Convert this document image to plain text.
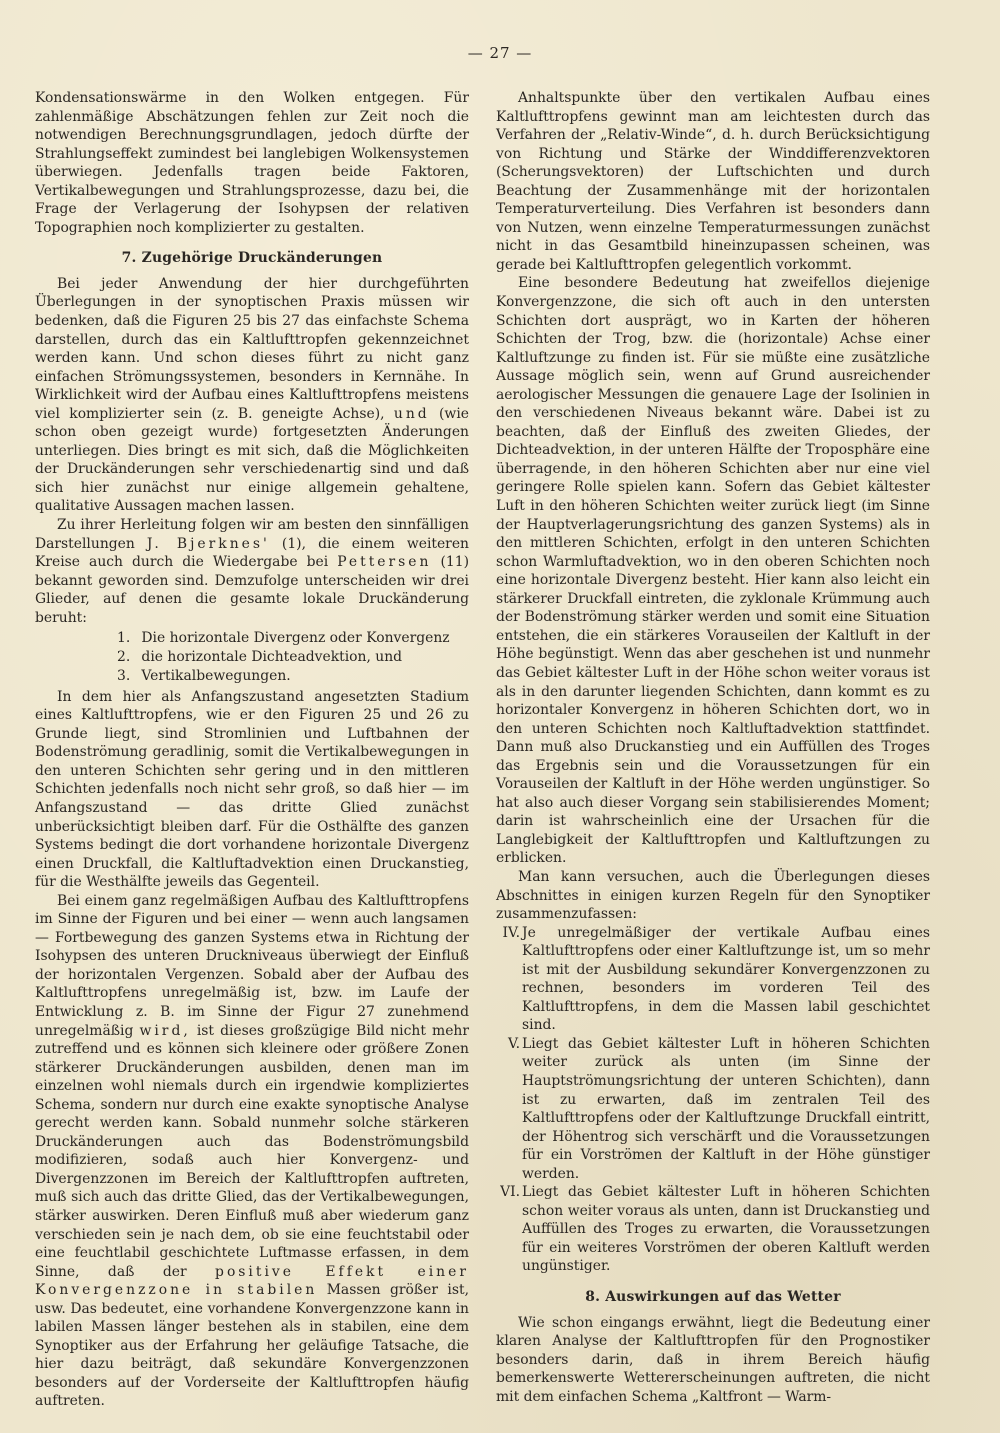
— 27 —

Kondensationswärme in den Wolken entgegen. Für zahlenmäßige Abschätzungen fehlen zur Zeit noch die notwendigen Berechnungsgrundlagen, jedoch dürfte der Strahlungseffekt zumindest bei langlebigen Wolkensystemen überwiegen. Jedenfalls tragen beide Faktoren, Vertikalbewegungen und Strahlungsprozesse, dazu bei, die Frage der Verlagerung der Isohypsen der relativen Topographien noch komplizierter zu gestalten.

7. Zugehörige Druckänderungen

Bei jeder Anwendung der hier durchgeführten Überlegungen in der synoptischen Praxis müssen wir bedenken, daß die Figuren 25 bis 27 das einfachste Schema darstellen, durch das ein Kaltlufttropfen gekennzeichnet werden kann. Und schon dieses führt zu nicht ganz einfachen Strömungssystemen, besonders in Kernnähe. In Wirklichkeit wird der Aufbau eines Kaltlufttropfens meistens viel komplizierter sein (z. B. geneigte Achse), und (wie schon oben gezeigt wurde) fortgesetzten Änderungen unterliegen. Dies bringt es mit sich, daß die Möglichkeiten der Druckänderungen sehr verschiedenartig sind und daß sich hier zunächst nur einige allgemein gehaltene, qualitative Aussagen machen lassen.

Zu ihrer Herleitung folgen wir am besten den sinnfälligen Darstellungen J. Bjerknes' (1), die einem weiteren Kreise auch durch die Wiedergabe bei Pettersen (11) bekannt geworden sind. Demzufolge unterscheiden wir drei Glieder, auf denen die gesamte lokale Druckänderung beruht:

1. Die horizontale Divergenz oder Konvergenz
2. die horizontale Dichteadvektion, und
3. Vertikalbewegungen.

In dem hier als Anfangszustand angesetzten Stadium eines Kaltlufttropfens, wie er den Figuren 25 und 26 zu Grunde liegt, sind Stromlinien und Luftbahnen der Bodenströmung geradlinig, somit die Vertikalbewegungen in den unteren Schichten sehr gering und in den mittleren Schichten jedenfalls noch nicht sehr groß, so daß hier — im Anfangszustand — das dritte Glied zunächst unberücksichtigt bleiben darf. Für die Osthälfte des ganzen Systems bedingt die dort vorhandene horizontale Divergenz einen Druckfall, die Kaltluftadvektion einen Druckanstieg, für die Westhälfte jeweils das Gegenteil.

Bei einem ganz regelmäßigen Aufbau des Kaltlufttropfens im Sinne der Figuren und bei einer — wenn auch langsamen — Fortbewegung des ganzen Systems etwa in Richtung der Isohypsen des unteren Druckniveaus überwiegt der Einfluß der horizontalen Vergenzen. Sobald aber der Aufbau des Kaltlufttropfens unregelmäßig ist, bzw. im Laufe der Entwicklung z. B. im Sinne der Figur 27 zunehmend unregelmäßig wird, ist dieses großzügige Bild nicht mehr zutreffend und es können sich kleinere oder größere Zonen stärkerer Druckänderungen ausbilden, denen man im einzelnen wohl niemals durch ein irgendwie kompliziertes Schema, sondern nur durch eine exakte synoptische Analyse gerecht werden kann. Sobald nunmehr solche stärkeren Druckänderungen auch das Bodenströmungsbild modifizieren, sodaß auch hier Konvergenz- und Divergenzzonen im Bereich der Kaltlufttropfen auftreten, muß sich auch das dritte Glied, das der Vertikalbewegungen, stärker auswirken. Deren Einfluß muß aber wiederum ganz verschieden sein je nach dem, ob sie eine feuchtstabil oder eine feuchtlabil geschichtete Luftmasse erfassen, in dem Sinne, daß der positive Effekt einer Konvergenzzone in stabilen Massen größer ist, usw. Das bedeutet, eine vorhandene Konvergenzzone kann in labilen Massen länger bestehen als in stabilen, eine dem Synoptiker aus der Erfahrung her geläufige Tatsache, die hier dazu beiträgt, daß sekundäre Konvergenzzonen besonders auf der Vorderseite der Kaltlufttropfen häufig auftreten.

Anhaltspunkte über den vertikalen Aufbau eines Kaltlufttropfens gewinnt man am leichtesten durch das Verfahren der „Relativ-Winde“, d. h. durch Berücksichtigung von Richtung und Stärke der Winddifferenzvektoren (Scherungsvektoren) der Luftschichten und durch Beachtung der Zusammenhänge mit der horizontalen Temperaturverteilung. Dies Verfahren ist besonders dann von Nutzen, wenn einzelne Temperaturmessungen zunächst nicht in das Gesamtbild hineinzupassen scheinen, was gerade bei Kaltlufttropfen gelegentlich vorkommt.

Eine besondere Bedeutung hat zweifellos diejenige Konvergenzzone, die sich oft auch in den untersten Schichten dort ausprägt, wo in Karten der höheren Schichten der Trog, bzw. die (horizontale) Achse einer Kaltluftzunge zu finden ist. Für sie müßte eine zusätzliche Aussage möglich sein, wenn auf Grund ausreichender aerologischer Messungen die genauere Lage der Isolinien in den verschiedenen Niveaus bekannt wäre. Dabei ist zu beachten, daß der Einfluß des zweiten Gliedes, der Dichteadvektion, in der unteren Hälfte der Troposphäre eine überragende, in den höheren Schichten aber nur eine viel geringere Rolle spielen kann. Sofern das Gebiet kältester Luft in den höheren Schichten weiter zurück liegt (im Sinne der Hauptverlagerungsrichtung des ganzen Systems) als in den mittleren Schichten, erfolgt in den unteren Schichten schon Warmluftadvektion, wo in den oberen Schichten noch eine horizontale Divergenz besteht. Hier kann also leicht ein stärkerer Druckfall eintreten, die zyklonale Krümmung auch der Bodenströmung stärker werden und somit eine Situation entstehen, die ein stärkeres Vorauseilen der Kaltluft in der Höhe begünstigt. Wenn das aber geschehen ist und nunmehr das Gebiet kältester Luft in der Höhe schon weiter voraus ist als in den darunter liegenden Schichten, dann kommt es zu horizontaler Konvergenz in höheren Schichten dort, wo in den unteren Schichten noch Kaltluftadvektion stattfindet. Dann muß also Druckanstieg und ein Auffüllen des Troges das Ergebnis sein und die Voraussetzungen für ein Vorauseilen der Kaltluft in der Höhe werden ungünstiger. So hat also auch dieser Vorgang sein stabilisierendes Moment; darin ist wahrscheinlich eine der Ursachen für die Langlebigkeit der Kaltlufttropfen und Kaltluftzungen zu erblicken.

Man kann versuchen, auch die Überlegungen dieses Abschnittes in einigen kurzen Regeln für den Synoptiker zusammenzufassen:

IV. Je unregelmäßiger der vertikale Aufbau eines Kaltlufttropfens oder einer Kaltluftzunge ist, um so mehr ist mit der Ausbildung sekundärer Konvergenzzonen zu rechnen, besonders im vorderen Teil des Kaltlufttropfens, in dem die Massen labil geschichtet sind.
V. Liegt das Gebiet kältester Luft in höheren Schichten weiter zurück als unten (im Sinne der Hauptströmungsrichtung der unteren Schichten), dann ist zu erwarten, daß im zentralen Teil des Kaltlufttropfens oder der Kaltluftzunge Druckfall eintritt, der Höhentrog sich verschärft und die Voraussetzungen für ein Vorströmen der Kaltluft in der Höhe günstiger werden.
VI. Liegt das Gebiet kältester Luft in höheren Schichten schon weiter voraus als unten, dann ist Druckanstieg und Auffüllen des Troges zu erwarten, die Voraussetzungen für ein weiteres Vorströmen der oberen Kaltluft werden ungünstiger.
8. Auswirkungen auf das Wetter

Wie schon eingangs erwähnt, liegt die Bedeutung einer klaren Analyse der Kaltlufttropfen für den Prognostiker besonders darin, daß in ihrem Bereich häufig bemerkenswerte Wettererscheinungen auftreten, die nicht mit dem einfachen Schema „Kaltfront — Warm-
